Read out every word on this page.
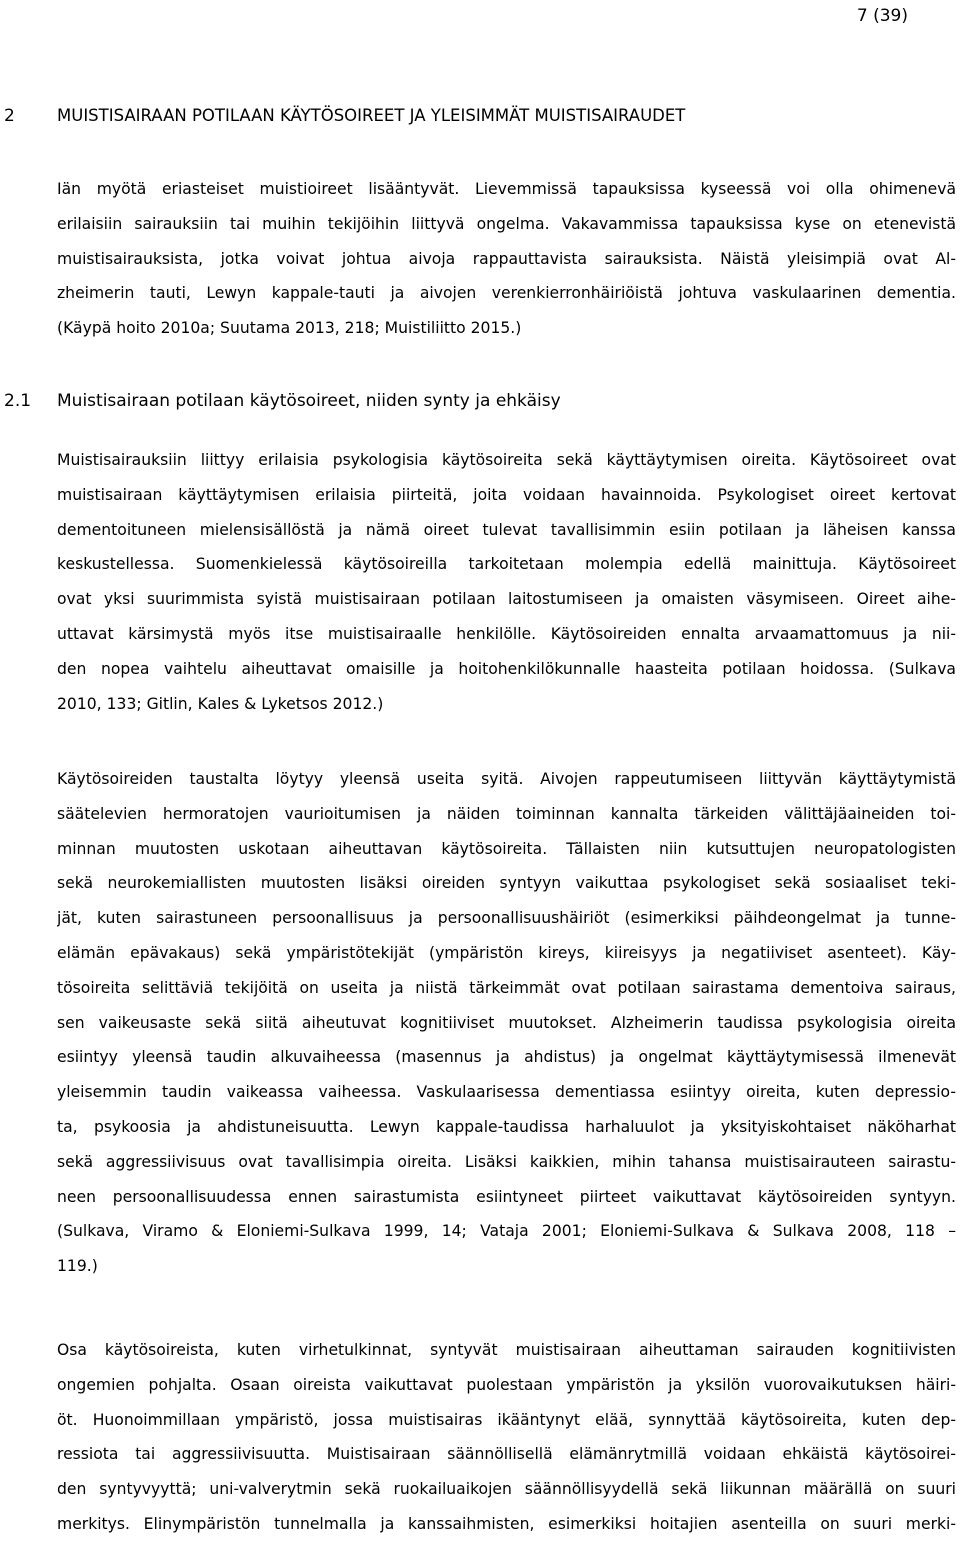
7 (39)
2	MUISTISAIRAAN POTILAAN KÄYTÖSOIREET JA YLEISIMMÄT MUISTISAIRAUDET
Iän myötä eriasteiset muistioireet lisääntyvät. Lievemmissä tapauksissa kyseessä voi olla ohimenevä
erilaisiin sairauksiin tai muihin tekijöihin liittyvä ongelma. Vakavammissa tapauksissa kyse on etenevistä
muistisairauksista, jotka voivat johtua aivoja rappauttavista sairauksista. Näistä yleisimpiä ovat Al-
zheimerin tauti, Lewyn kappale-tauti ja aivojen verenkierronhäiriöistä johtuva vaskulaarinen dementia.
(Käypä hoito 2010a; Suutama 2013, 218; Muistiliitto 2015.)
2.1 Muistisairaan potilaan käytösoireet, niiden synty ja ehkäisy
Muistisairauksiin liittyy erilaisia psykologisia käytösoireita sekä käyttäytymisen oireita. Käytösoireet ovat
muistisairaan käyttäytymisen erilaisia piirteitä, joita voidaan havainnoida. Psykologiset oireet kertovat
dementoituneen mielensisällöstä ja nämä oireet tulevat tavallisimmin esiin potilaan ja läheisen kanssa
keskustellessa. Suomenkielessä käytösoireilla tarkoitetaan molempia edellä mainittuja. Käytösoireet
ovat yksi suurimmista syistä muistisairaan potilaan laitostumiseen ja omaisten väsymiseen. Oireet aihe-
uttavat kärsimystä myös itse muistisairaalle henkilölle. Käytösoireiden ennalta arvaamattomuus ja nii-
den nopea vaihtelu aiheuttavat omaisille ja hoitohenkilökunnalle haasteita potilaan hoidossa. (Sulkava
2010, 133; Gitlin, Kales & Lyketsos 2012.)
Käytösoireiden taustalta löytyy yleensä useita syitä. Aivojen rappeutumiseen liittyvän käyttäytymistä
säätelevien hermoratojen vaurioitumisen ja näiden toiminnan kannalta tärkeiden välittäjäaineiden toi-
minnan muutosten uskotaan aiheuttavan käytösoireita. Tällaisten niin kutsuttujen neuropatologisten
sekä neurokemiallisten muutosten lisäksi oireiden syntyyn vaikuttaa psykologiset sekä sosiaaliset teki-
jät, kuten sairastuneen persoonallisuus ja persoonallisuushäiriöt (esimerkiksi päihdeongelmat ja tunne-
elämän epävakaus) sekä ympäristötekijät (ympäristön kireys, kiireisyys ja negatiiviset asenteet). Käy-
tösoireita selittäviä tekijöitä on useita ja niistä tärkeimmät ovat potilaan sairastama dementoiva sairaus,
sen vaikeusaste sekä siitä aiheutuvat kognitiiviset muutokset. Alzheimerin taudissa psykologisia oireita
esiintyy yleensä taudin alkuvaiheessa (masennus ja ahdistus) ja ongelmat käyttäytymisessä ilmenevät
yleisemmin taudin vaikeassa vaiheessa. Vaskulaarisessa dementiassa esiintyy oireita, kuten depressio-
ta, psykoosia ja ahdistuneisuutta. Lewyn kappale-taudissa harhaluulot ja yksityiskohtaiset näköharhat
sekä aggressiivisuus ovat tavallisimpia oireita. Lisäksi kaikkien, mihin tahansa muistisairauteen sairastu-
neen persoonallisuudessa ennen sairastumista esiintyneet piirteet vaikuttavat käytösoireiden syntyyn.
(Sulkava, Viramo & Eloniemi-Sulkava 1999, 14; Vataja 2001; Eloniemi-Sulkava & Sulkava 2008, 118 –
119.)
Osa käytösoireista, kuten virhetulkinnat, syntyvät muistisairaan aiheuttaman sairauden kognitiivisten
ongemien pohjalta. Osaan oireista vaikuttavat puolestaan ympäristön ja yksilön vuorovaikutuksen häiri-
öt. Huonoimmillaan ympäristö, jossa muistisairas ikääntynyt elää, synnyttää käytösoireita, kuten dep-
ressiota tai aggressiivisuutta. Muistisairaan säännöllisellä elämänrytmillä voidaan ehkäistä käytösoirei-
den syntyvyyttä; uni-valverytmin sekä ruokailuaikojen säännöllisyydellä sekä liikunnan määrällä on suuri
merkitys. Elinympäristön tunnelmalla ja kanssaihmisten, esimerkiksi hoitajien asenteilla on suuri merki-
